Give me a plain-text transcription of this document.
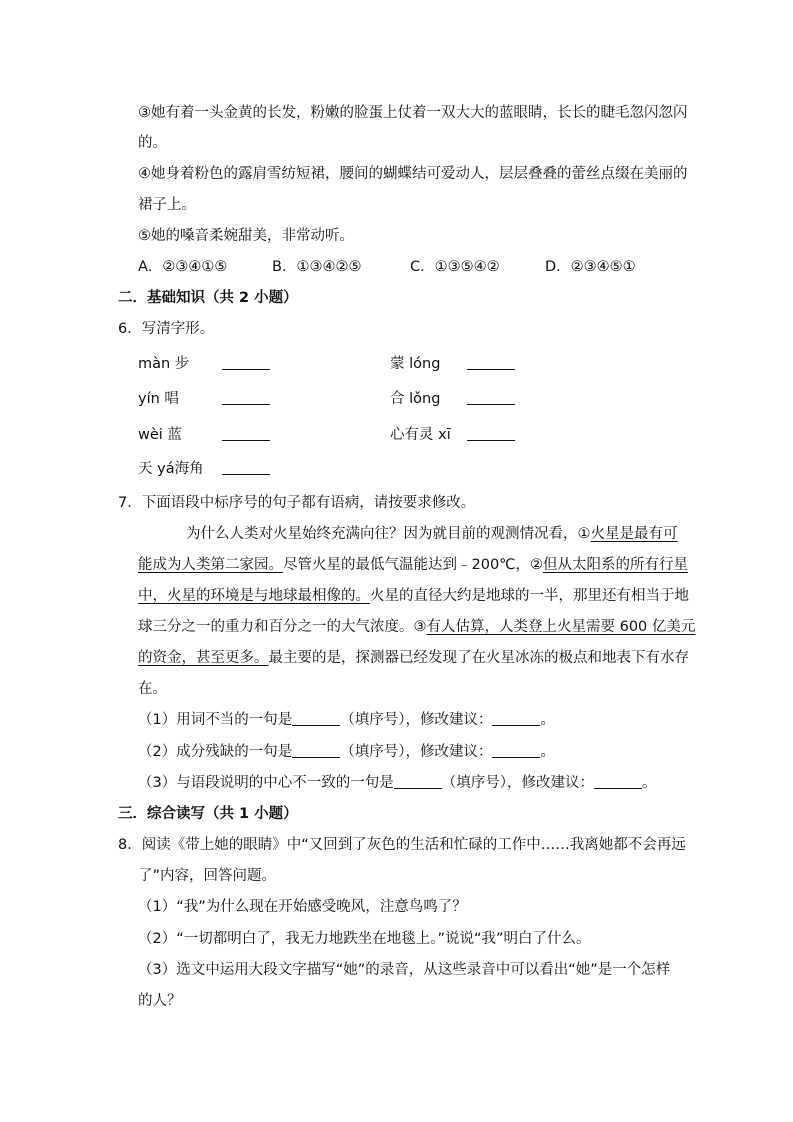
③她有着一头金黄的长发，粉嫩的脸蛋上仗着一双大大的蓝眼睛，长长的睫毛忽闪忽闪
的。
④她身着粉色的露肩雪纺短裙，腰间的蝴蝶结可爱动人，层层叠叠的蕾丝点缀在美丽的
裙子上。
⑤她的嗓音柔婉甜美，非常动听。
A．②③④①⑤	B．①③④②⑤	C．①③⑤④②	D．②③④⑤①
二．基础知识（共 2 小题）
6．写清字形。
màn 步	蒙 lóng
yín 唱	合 lǒng
wèi 蓝	心有灵 xī
天 yá海角
7．下面语段中标序号的句子都有语病，请按要求修改。
为什么人类对火星始终充满向往？因为就目前的观测情况看，①火星是最有可
能成为人类第二家园。尽管火星的最低气温能达到﹣200℃，②但从太阳系的所有行星
中，火星的环境是与地球最相像的。火星的直径大约是地球的一半，那里还有相当于地
球三分之一的重力和百分之一的大气浓度。③有人估算，人类登上火星需要 600 亿美元
的资金，甚至更多。最主要的是，探测器已经发现了在火星冰冻的极点和地表下有水存
在。
（1）用词不当的一句是	（填序号），修改建议：	。
（2）成分残缺的一句是	（填序号），修改建议：	。
（3）与语段说明的中心不一致的一句是	（填序号），修改建议：	。
三．综合读写（共 1 小题）
8．阅读《带上她的眼睛》中“又回到了灰色的生活和忙碌的工作中……我离她都不会再远
了”内容，回答问题。
（1）“我”为什么现在开始感受晚风，注意鸟鸣了？
（2）“一切都明白了，我无力地跌坐在地毯上。”说说“我”明白了什么。
（3）选文中运用大段文字描写“她”的录音，从这些录音中可以看出“她”是一个怎样
的人？
